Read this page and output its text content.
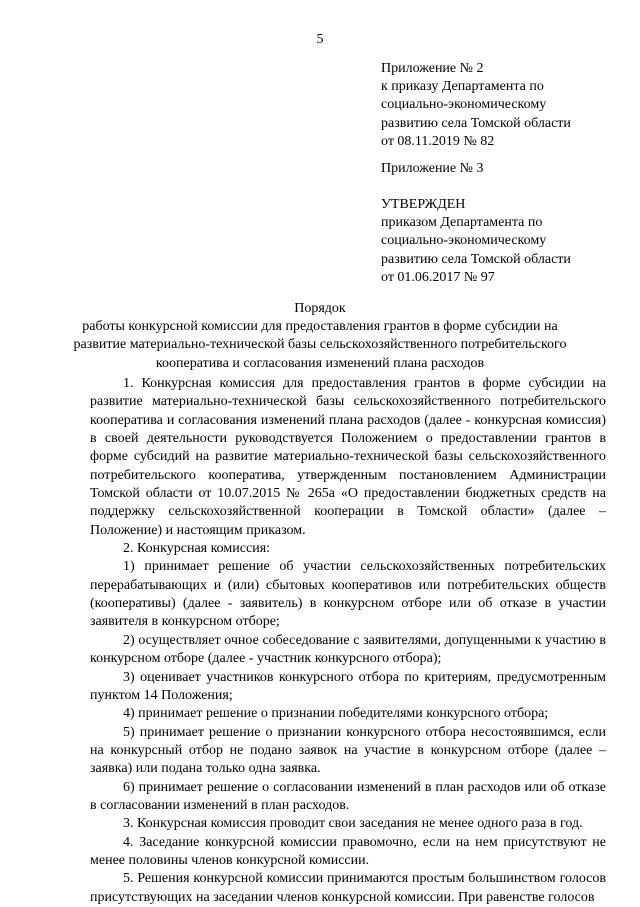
5
Приложение № 2
к приказу Департамента по
социально-экономическому
развитию села Томской области
от 08.11.2019 № 82
Приложение № 3
УТВЕРЖДЕН
приказом Департамента по
социально-экономическому
развитию села Томской области
от 01.06.2017 № 97
Порядок
работы конкурсной комиссии для предоставления грантов в форме субсидии на
развитие материально-технической базы сельскохозяйственного потребительского
кооператива и согласования изменений плана расходов

1. Конкурсная комиссия для предоставления грантов в форме субсидии на развитие материально-технической базы сельскохозяйственного потребительского кооператива и согласования изменений плана расходов (далее - конкурсная комиссия) в своей деятельности руководствуется Положением о предоставлении грантов в форме субсидий на развитие материально-технической базы сельскохозяйственного потребительского кооператива, утвержденным постановлением Администрации Томской области от 10.07.2015 № 265а «О предоставлении бюджетных средств на поддержку сельскохозяйственной кооперации в Томской области» (далее – Положение) и настоящим приказом.

2. Конкурсная комиссия:

1) принимает решение об участии сельскохозяйственных потребительских перерабатывающих и (или) сбытовых кооперативов или потребительских обществ (кооперативы) (далее - заявитель) в конкурсном отборе или об отказе в участии заявителя в конкурсном отборе;

2) осуществляет очное собеседование с заявителями, допущенными к участию в конкурсном отборе (далее - участник конкурсного отбора);

3) оценивает участников конкурсного отбора по критериям, предусмотренным пунктом 14 Положения;

4) принимает решение о признании победителями конкурсного отбора;

5) принимает решение о признании конкурсного отбора несостоявшимся, если на конкурсный отбор не подано заявок на участие в конкурсном отборе (далее – заявка) или подана только одна заявка.

6) принимает решение о согласовании изменений в план расходов или об отказе в согласовании изменений в план расходов.

3. Конкурсная комиссия проводит свои заседания не менее одного раза в год.

4. Заседание конкурсной комиссии правомочно, если на нем присутствуют не менее половины членов конкурсной комиссии.

5. Решения конкурсной комиссии принимаются простым большинством голосов присутствующих на заседании членов конкурсной комиссии. При равенстве голосов
